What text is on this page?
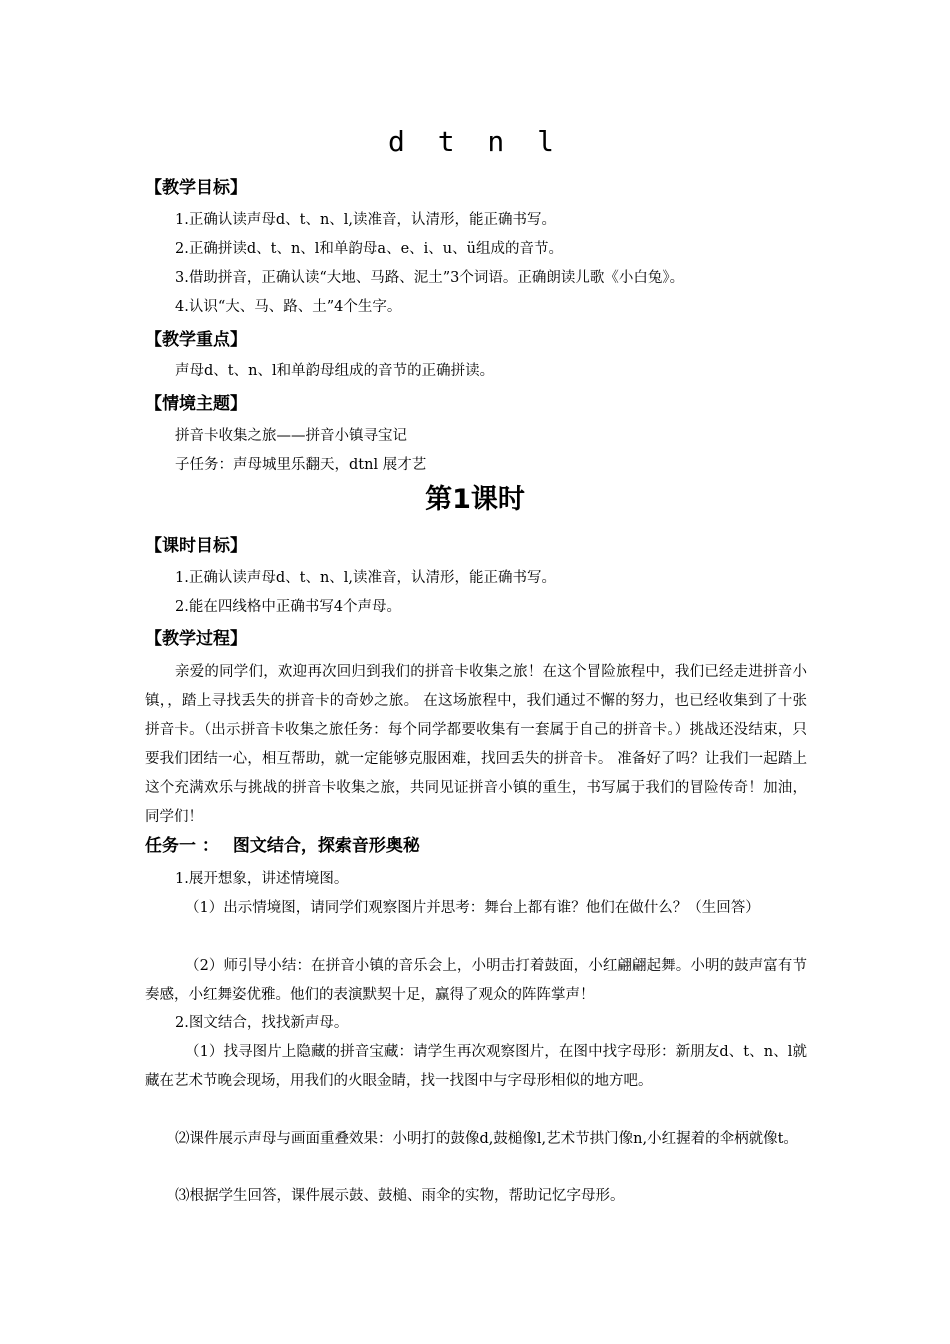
d t n l
【教学目标】
1.正确认读声母d、t、n、l,读准音，认清形，能正确书写。
2.正确拼读d、t、n、l和单韵母a、e、i、u、ü组成的音节。
3.借助拼音，正确认读“大地、马路、泥土”3个词语。正确朗读儿歌《小白兔》。
4.认识“大、马、路、土”4个生字。
【教学重点】
声母d、t、n、l和单韵母组成的音节的正确拼读。
【情境主题】
拼音卡收集之旅——拼音小镇寻宝记
子任务：声母城里乐翻天，dtnl 展才艺
第1课时
【课时目标】
1.正确认读声母d、t、n、l,读准音，认清形，能正确书写。
2.能在四线格中正确书写4个声母。
【教学过程】
亲爱的同学们，欢迎再次回归到我们的拼音卡收集之旅！在这个冒险旅程中，我们已经走进拼音小镇，，踏上寻找丢失的拼音卡的奇妙之旅。 在这场旅程中，我们通过不懈的努力，也已经收集到了十张拼音卡。（出示拼音卡收集之旅任务：每个同学都要收集有一套属于自己的拼音卡。）挑战还没结束，只要我们团结一心，相互帮助，就一定能够克服困难，找回丢失的拼音卡。 准备好了吗？让我们一起踏上这个充满欢乐与挑战的拼音卡收集之旅，共同见证拼音小镇的重生，书写属于我们的冒险传奇！加油，同学们！
任务一 ： 图文结合，探索音形奥秘
1.展开想象，讲述情境图。
（1）出示情境图，请同学们观察图片并思考：舞台上都有谁？他们在做什么？（生回答）
（2）师引导小结：在拼音小镇的音乐会上，小明击打着鼓面，小红翩翩起舞。小明的鼓声富有节奏感，小红舞姿优雅。他们的表演默契十足，赢得了观众的阵阵掌声！
2.图文结合，找找新声母。
（1）找寻图片上隐藏的拼音宝藏：请学生再次观察图片，在图中找字母形：新朋友d、t、n、l就藏在艺术节晚会现场，用我们的火眼金睛，找一找图中与字母形相似的地方吧。
⑵课件展示声母与画面重叠效果：小明打的鼓像d,鼓槌像l,艺术节拱门像n,小红握着的伞柄就像t。
⑶根据学生回答，课件展示鼓、鼓槌、雨伞的实物，帮助记忆字母形。
